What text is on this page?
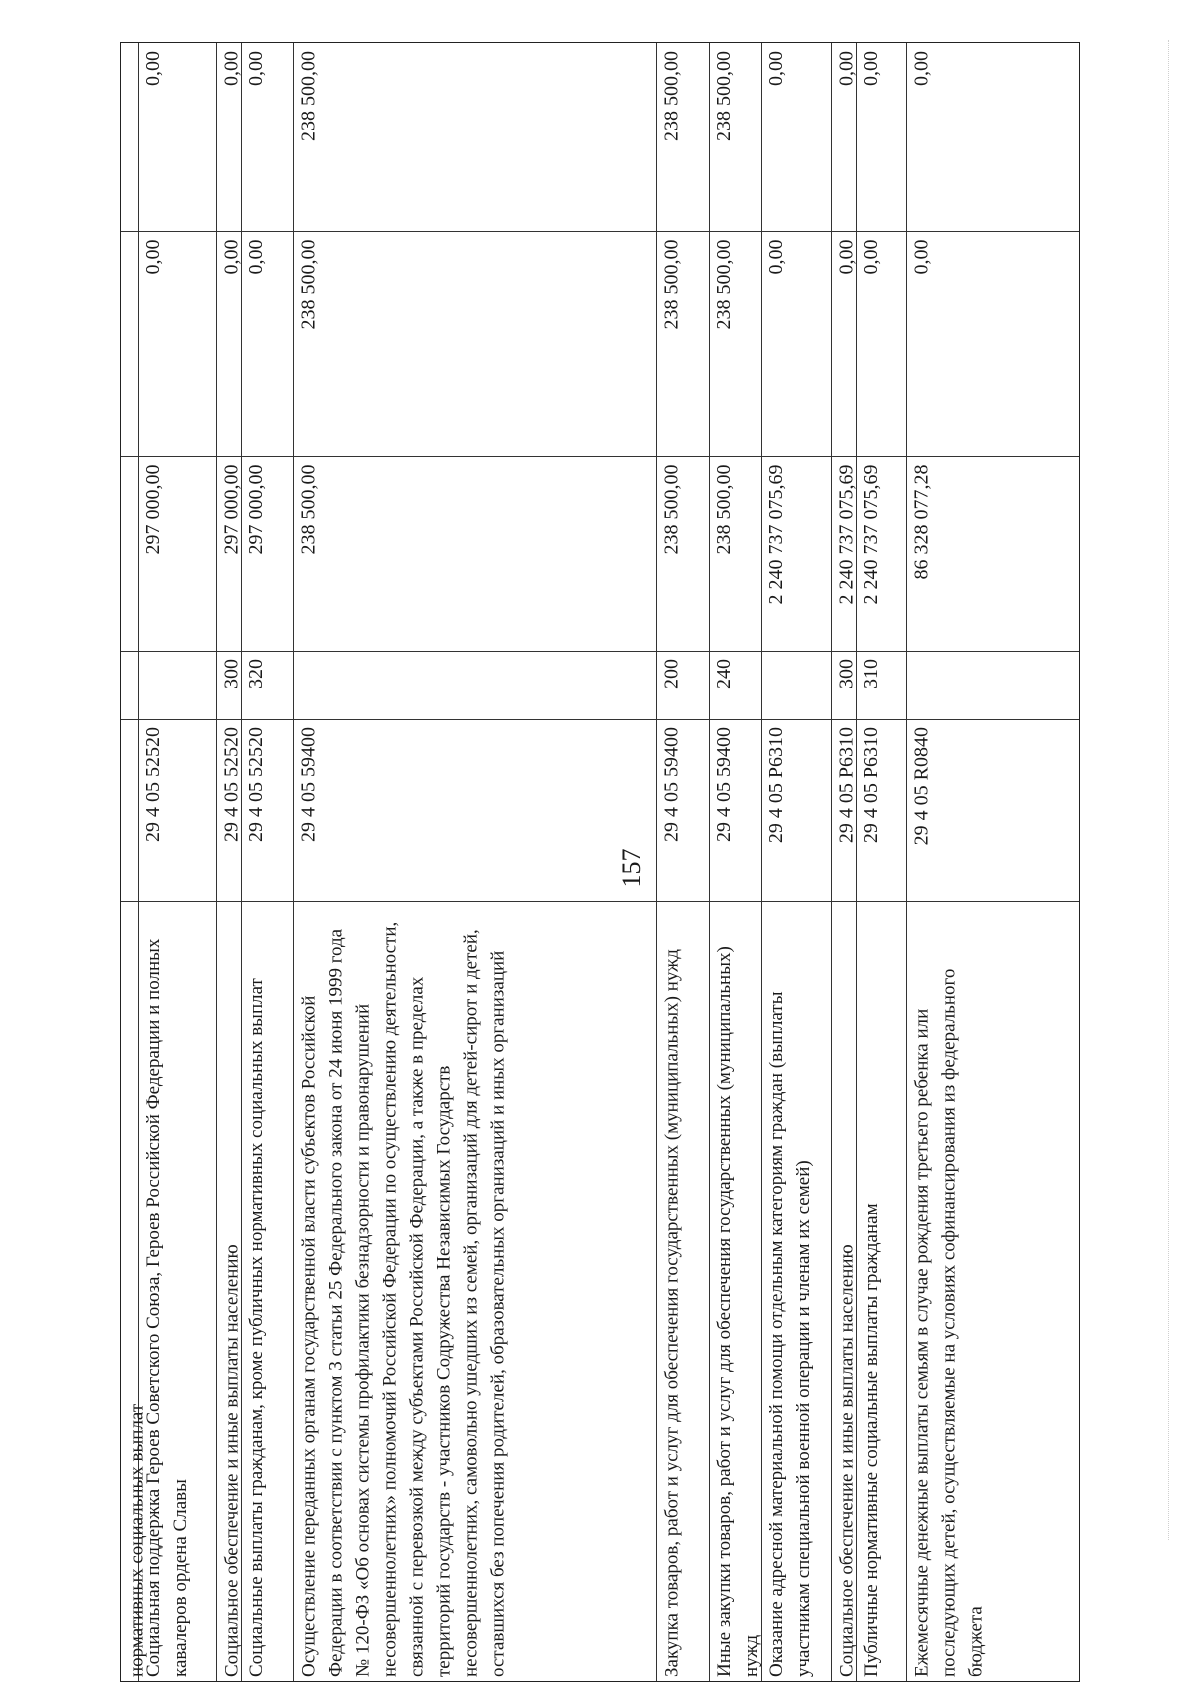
157
нормативных социальных выплат
Социальная поддержка Героев Советского Союза, Героев Российской Федерации и полных кавалеров ордена Славы
29 4 05 52520
297 000,00
0,00
0,00
Социальное обеспечение и иные выплаты населению
29 4 05 52520
300
297 000,00
0,00
0,00
Социальные выплаты гражданам, кроме публичных нормативных социальных выплат
29 4 05 52520
320
297 000,00
0,00
0,00
Осуществление переданных органам государственной власти субъектов Российской Федерации в соответствии с пунктом 3 статьи 25 Федерального закона от 24 июня 1999 года № 120-ФЗ «Об основах системы профилактики безнадзорности и правонарушений несовершеннолетних» полномочий Российской Федерации по осуществлению деятельности, связанной с перевозкой между субъектами Российской Федерации, а также в пределах территорий государств - участников Содружества Независимых Государств несовершеннолетних, самовольно ушедших из семей, организаций для детей-сирот и детей, оставшихся без попечения родителей, образовательных организаций и иных организаций
29 4 05 59400
238 500,00
238 500,00
238 500,00
Закупка товаров, работ и услуг для обеспечения государственных (муниципальных) нужд
29 4 05 59400
200
238 500,00
238 500,00
238 500,00
Иные закупки товаров, работ и услуг для обеспечения государственных (муниципальных) нужд
29 4 05 59400
240
238 500,00
238 500,00
238 500,00
Оказание адресной материальной помощи отдельным категориям граждан (выплаты участникам специальной военной операции и членам их семей)
29 4 05 P6310
2 240 737 075,69
0,00
0,00
Социальное обеспечение и иные выплаты населению
29 4 05 P6310
300
2 240 737 075,69
0,00
0,00
Публичные нормативные социальные выплаты гражданам
29 4 05 P6310
310
2 240 737 075,69
0,00
0,00
Ежемесячные денежные выплаты семьям в случае рождения третьего ребенка или последующих детей, осуществляемые на условиях софинансирования из федерального бюджета
29 4 05 R0840
86 328 077,28
0,00
0,00
